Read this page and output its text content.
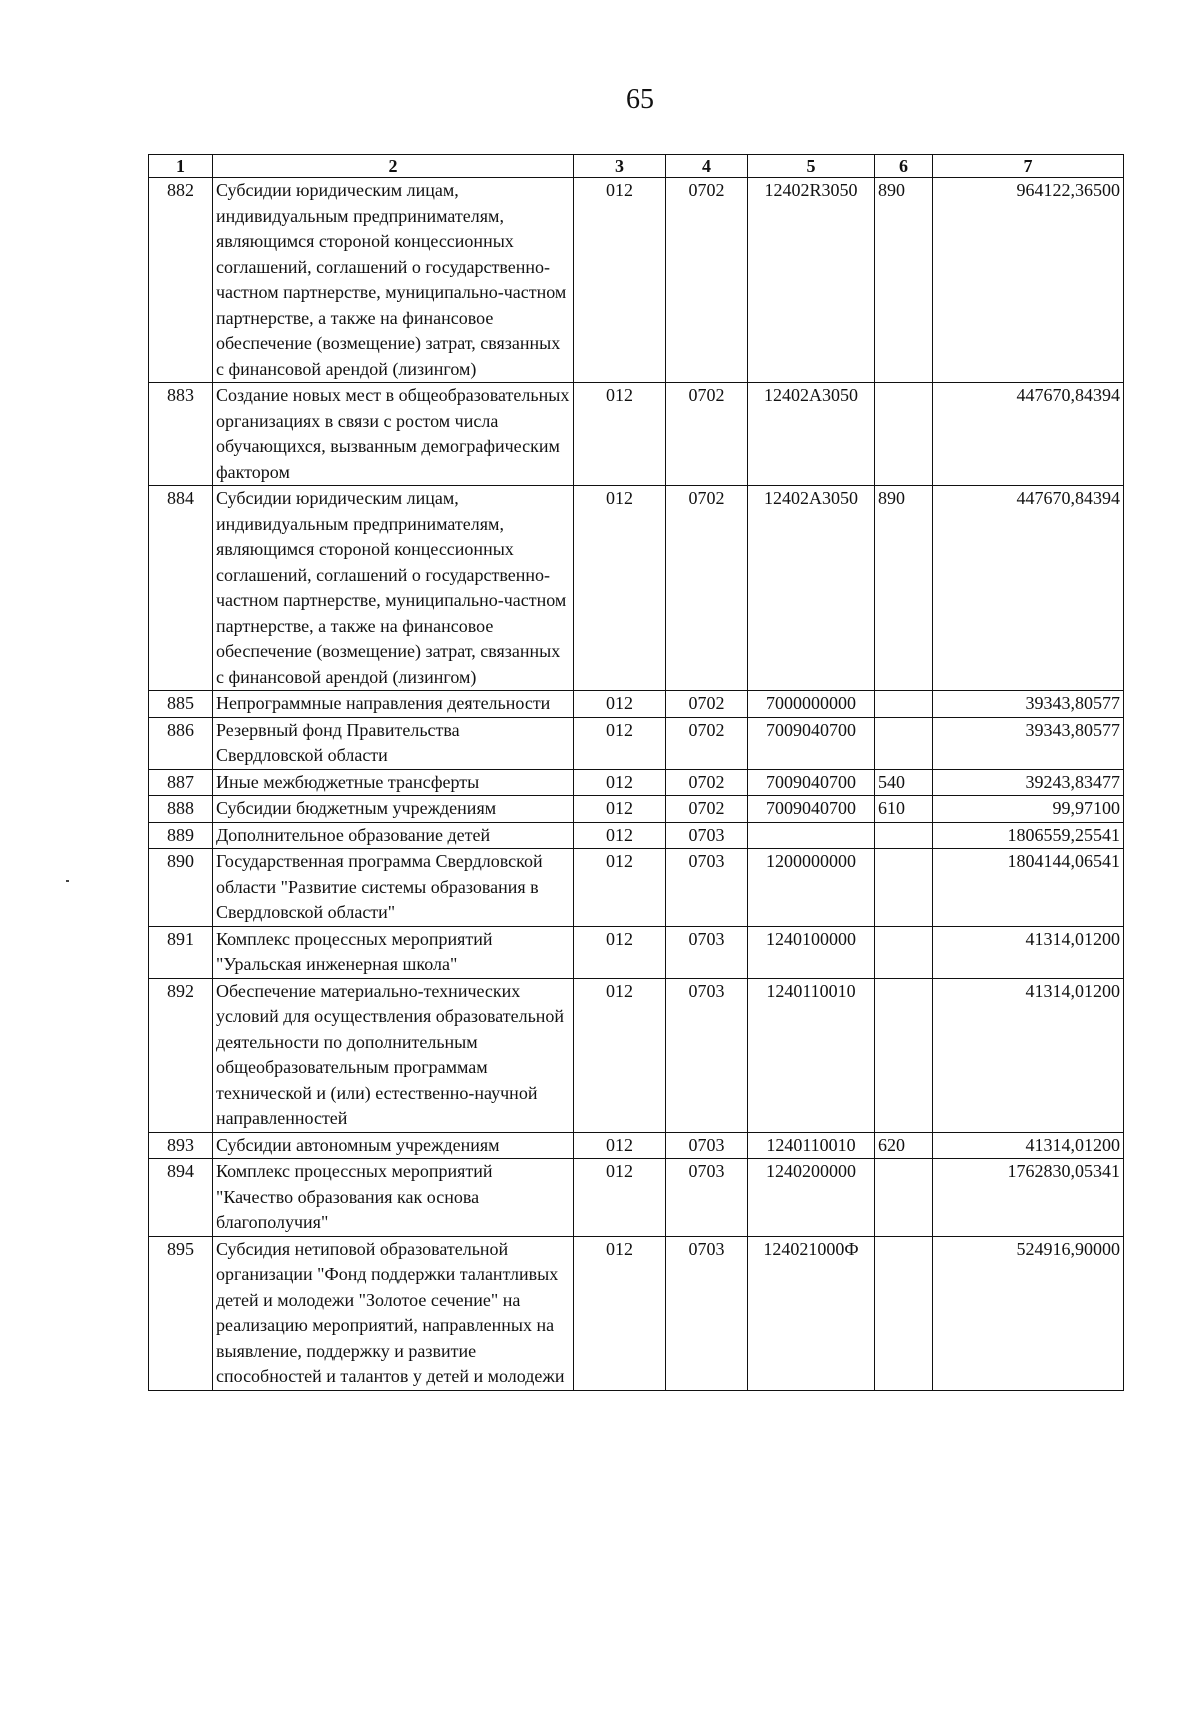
65
1	2	3	4	5	6	7
882	Субсидии юридическим лицам, индивидуальным предпринимателям, являющимся стороной концессионных соглашений, соглашений о государственно-частном партнерстве, муниципально-частном партнерстве, а также на финансовое обеспечение (возмещение) затрат, связанных с финансовой арендой (лизингом)	012	0702	12402R3050	890	964122,36500
883	Создание новых мест в общеобразовательных организациях в связи с ростом числа обучающихся, вызванным демографическим фактором	012	0702	12402А3050		447670,84394
884	Субсидии юридическим лицам, индивидуальным предпринимателям, являющимся стороной концессионных соглашений, соглашений о государственно-частном партнерстве, муниципально-частном партнерстве, а также на финансовое обеспечение (возмещение) затрат, связанных с финансовой арендой (лизингом)	012	0702	12402А3050	890	447670,84394
885	Непрограммные направления деятельности	012	0702	7000000000		39343,80577
886	Резервный фонд Правительства Свердловской области	012	0702	7009040700		39343,80577
887	Иные межбюджетные трансферты	012	0702	7009040700	540	39243,83477
888	Субсидии бюджетным учреждениям	012	0702	7009040700	610	99,97100
889	Дополнительное образование детей	012	0703			1806559,25541
890	Государственная программа Свердловской области "Развитие системы образования в Свердловской области"	012	0703	1200000000		1804144,06541
891	Комплекс процессных мероприятий "Уральская инженерная школа"	012	0703	1240100000		41314,01200
892	Обеспечение материально-технических условий для осуществления образовательной деятельности по дополнительным общеобразовательным программам технической и (или) естественно-научной направленностей	012	0703	1240110010		41314,01200
893	Субсидии автономным учреждениям	012	0703	1240110010	620	41314,01200
894	Комплекс процессных мероприятий "Качество образования как основа благополучия"	012	0703	1240200000		1762830,05341
895	Субсидия нетиповой образовательной организации "Фонд поддержки талантливых детей и молодежи "Золотое сечение" на реализацию мероприятий, направленных на выявление, поддержку и развитие способностей и талантов у детей и молодежи	012	0703	124021000Ф		524916,90000
